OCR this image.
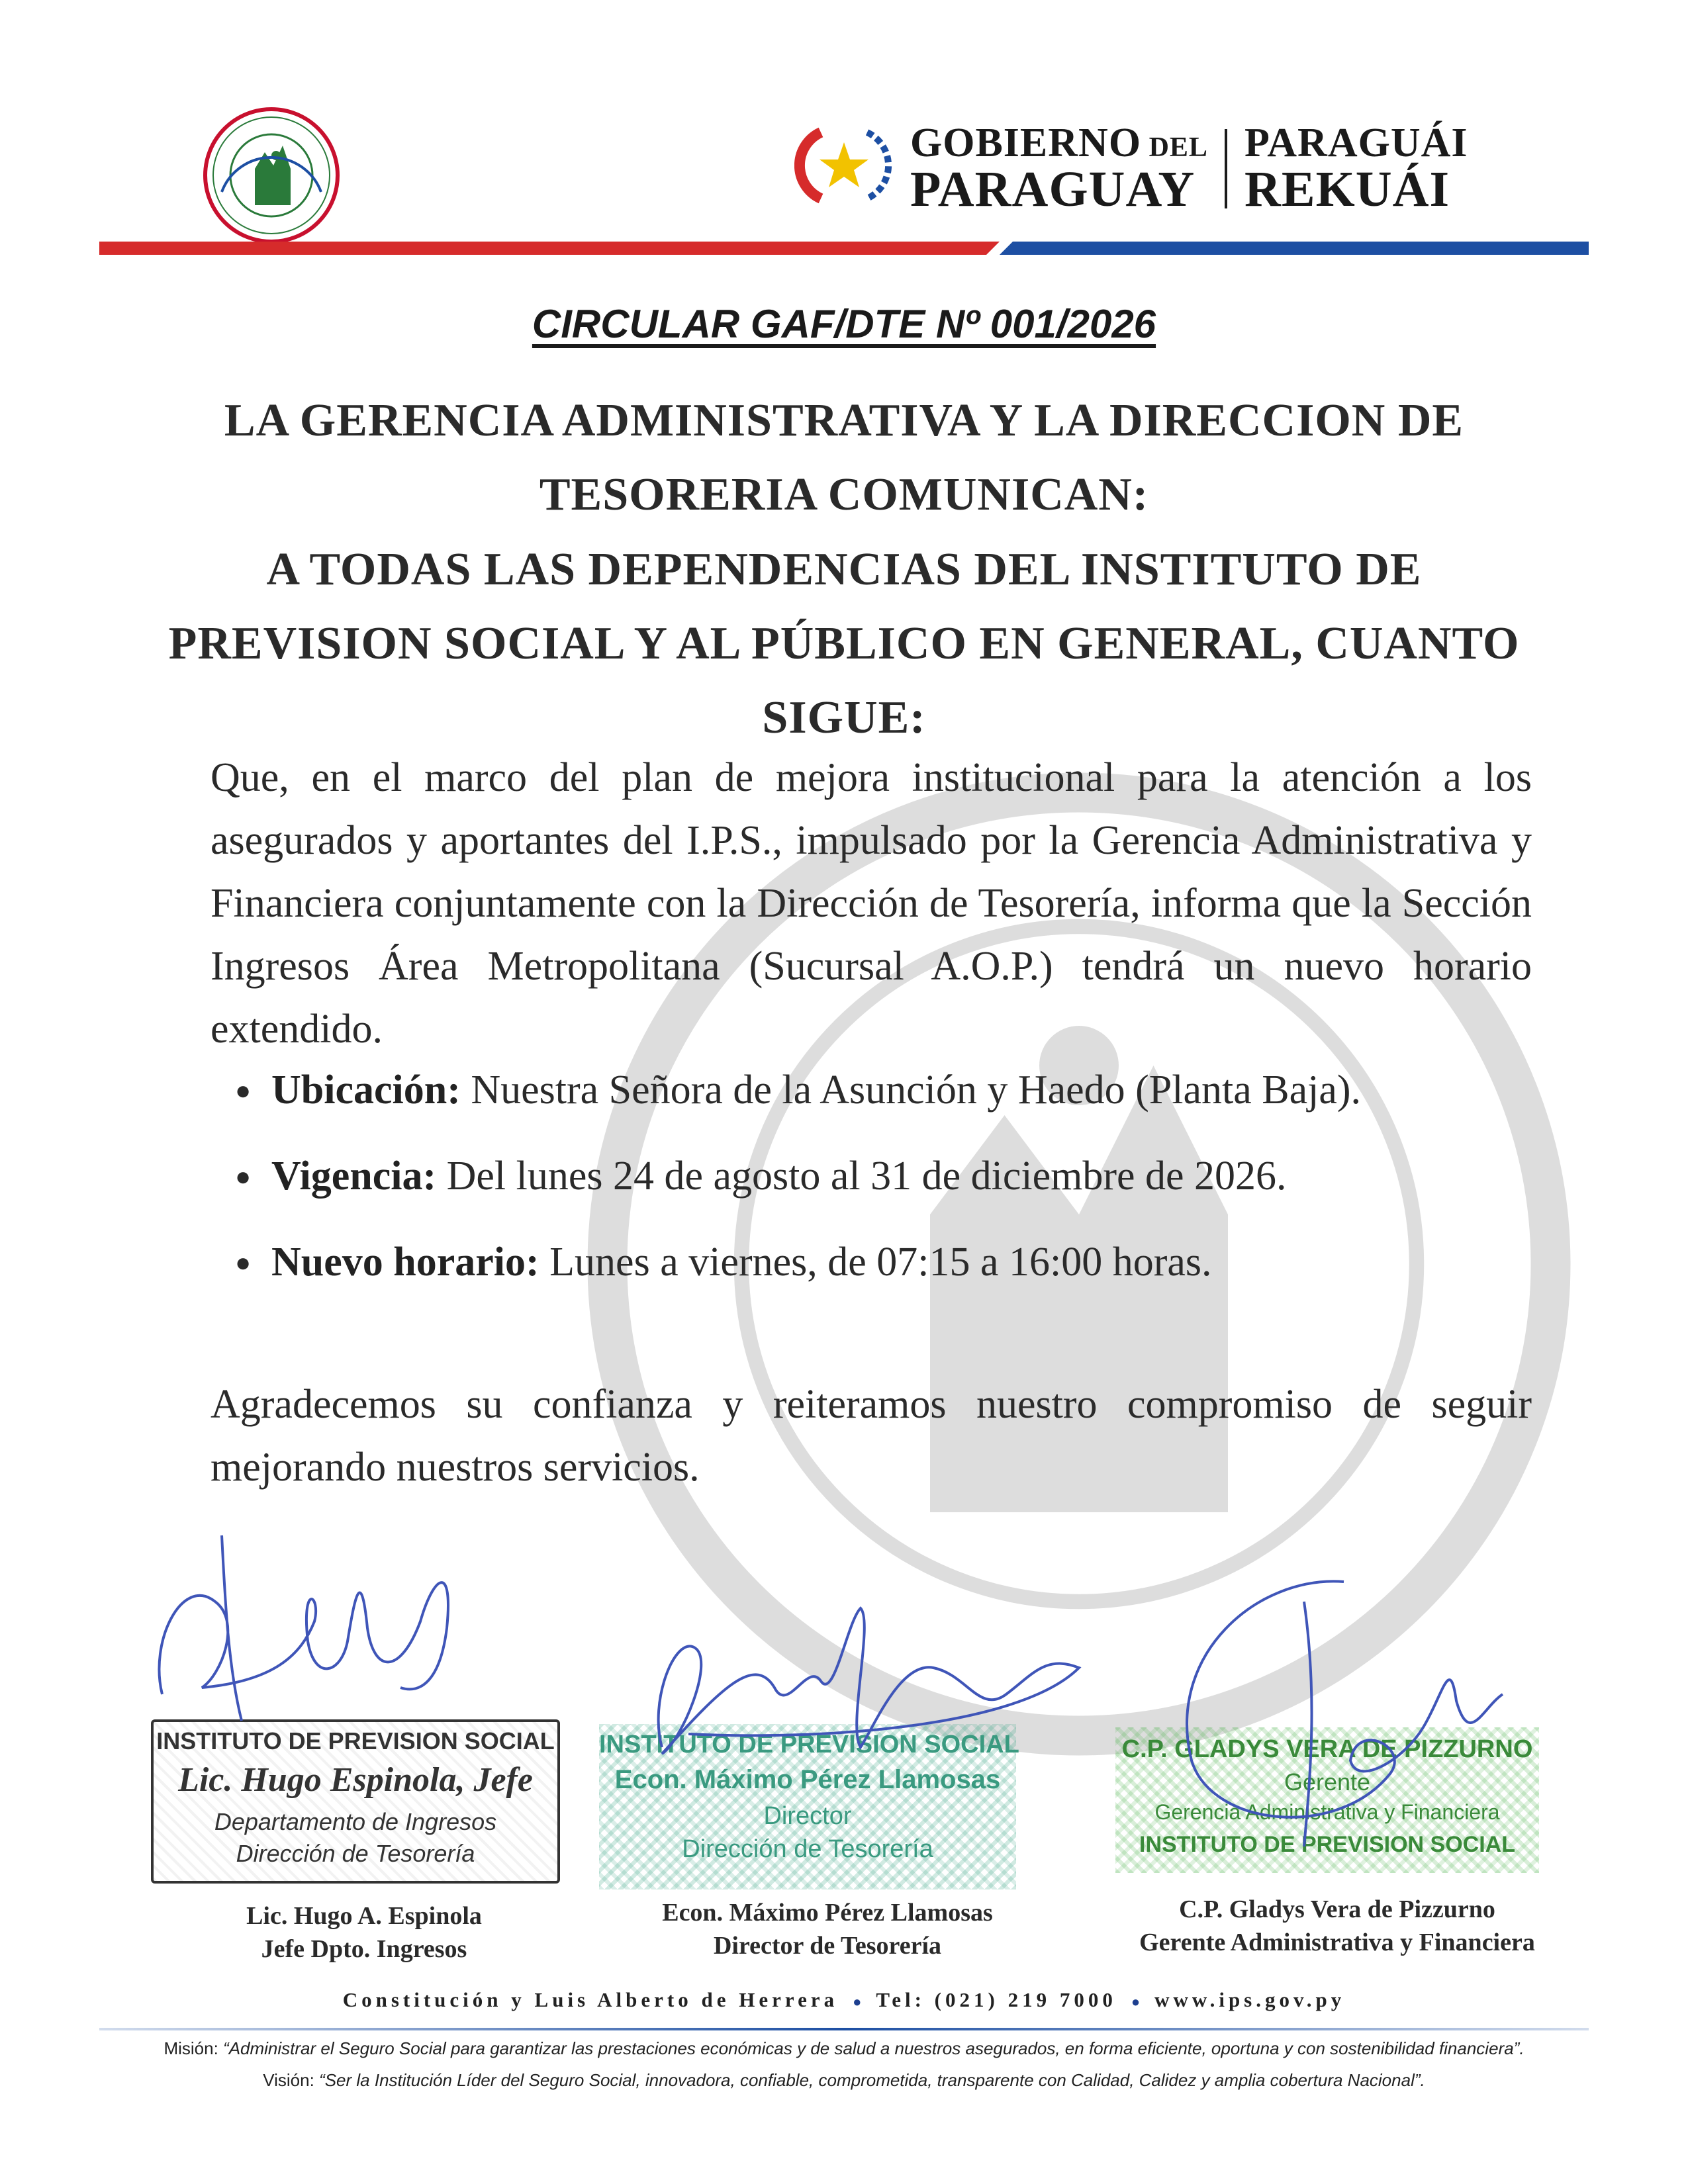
GOBIERNO DEL
PARAGUAY
PARAGUÁI
REKUÁI
CIRCULAR GAF/DTE Nº 001/2026
LA GERENCIA ADMINISTRATIVA Y LA DIRECCION DE TESORERIA COMUNICAN:
A TODAS LAS DEPENDENCIAS DEL INSTITUTO DE PREVISION SOCIAL Y AL PÚBLICO EN GENERAL, CUANTO SIGUE:
Que, en el marco del plan de mejora institucional para la atención a los asegurados y aportantes del I.P.S., impulsado por la Gerencia Administrativa y Financiera conjuntamente con la Dirección de Tesorería, informa que la Sección Ingresos Área Metropolitana (Sucursal A.O.P.) tendrá un nuevo horario extendido.
● Ubicación: Nuestra Señora de la Asunción y Haedo (Planta Baja).
● Vigencia: Del lunes 24 de agosto al 31 de diciembre de 2026.
● Nuevo horario: Lunes a viernes, de 07:15 a 16:00 horas.
Agradecemos su confianza y reiteramos nuestro compromiso de seguir mejorando nuestros servicios.
INSTITUTO DE PREVISION SOCIAL
Lic. Hugo Espinola, Jefe
Departamento de Ingresos
Dirección de Tesorería
INSTITUTO DE PREVISION SOCIAL
Econ. Máximo Pérez Llamosas
Director
Dirección de Tesorería
C.P. GLADYS VERA DE PIZZURNO
Gerente
Gerencia Administrativa y Financiera
INSTITUTO DE PREVISION SOCIAL
Lic. Hugo A. Espinola
Jefe Dpto. Ingresos
Econ. Máximo Pérez Llamosas
Director de Tesorería
C.P. Gladys Vera de Pizzurno
Gerente Administrativa y Financiera
Constitución y Luis Alberto de Herrera ● Tel: (021) 219 7000 ● www.ips.gov.py
Misión: “Administrar el Seguro Social para garantizar las prestaciones económicas y de salud a nuestros asegurados, en forma eficiente, oportuna y con sostenibilidad financiera”.
Visión: “Ser la Institución Líder del Seguro Social, innovadora, confiable, comprometida, transparente con Calidad, Calidez y amplia cobertura Nacional”.
